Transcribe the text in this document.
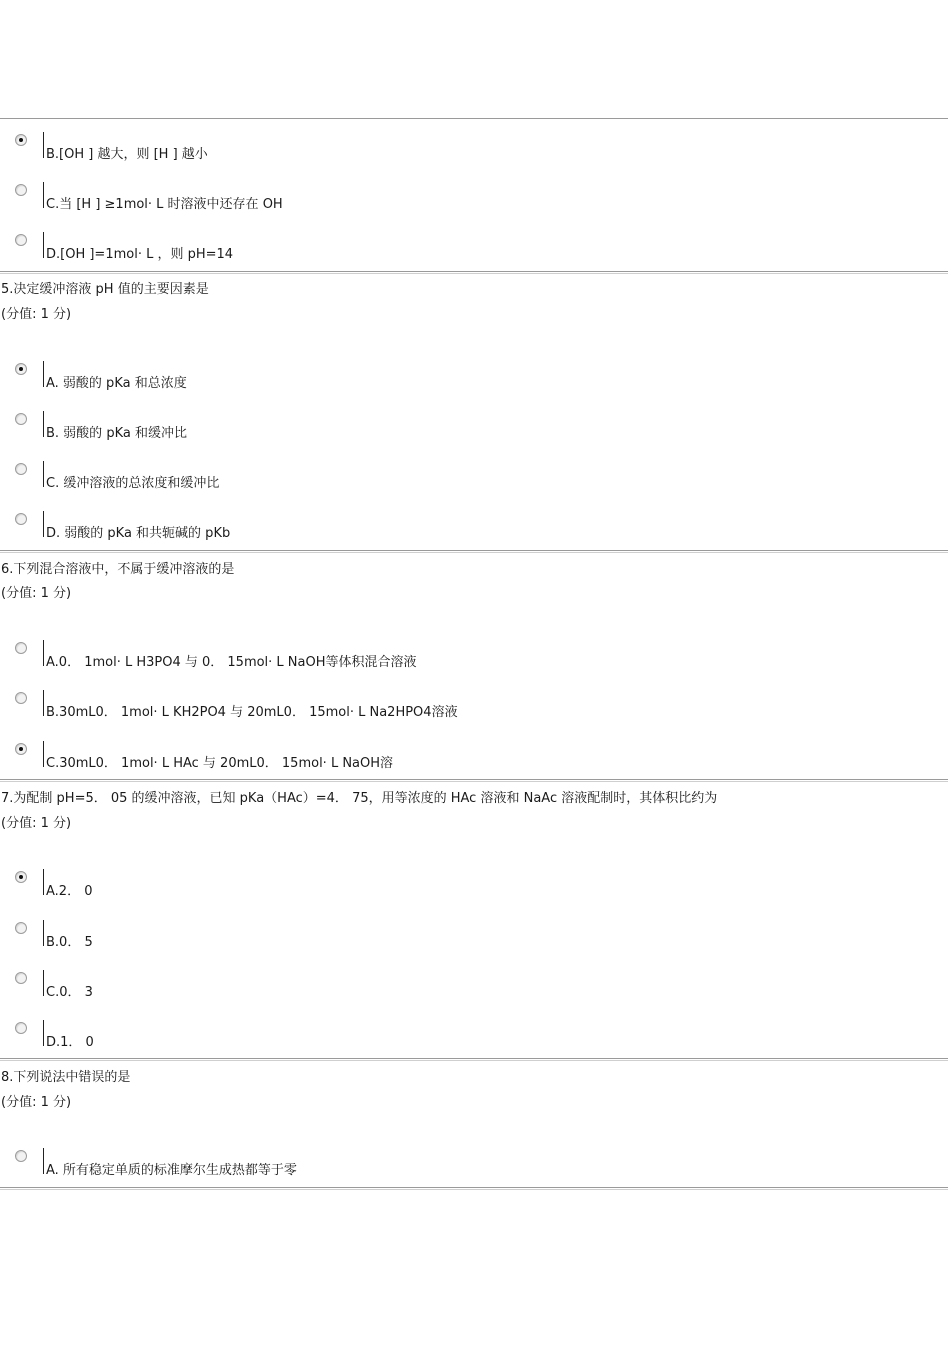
B.[OH ] 越大，则 [H ] 越小
C.当 [H ] ≥1mol· L 时溶液中还存在 OH
D.[OH ]=1mol· L ，则 pH=14
5.决定缓冲溶液 pH 值的主要因素是
(分值: 1 分)
A. 弱酸的 pKa 和总浓度
B. 弱酸的 pKa 和缓冲比
C. 缓冲溶液的总浓度和缓冲比
D. 弱酸的 pKa 和共轭碱的 pKb
6.下列混合溶液中，不属于缓冲溶液的是
(分值: 1 分)
A.0． 1mol· L H3PO4 与 0． 15mol· L NaOH等体积混合溶液
B.30mL0． 1mol· L KH2PO4 与 20mL0． 15mol· L Na2HPO4溶液
C.30mL0． 1mol· L HAc 与 20mL0． 15mol· L NaOH溶
7.为配制 pH=5． 05 的缓冲溶液，已知 pKa（HAc）=4． 75，用等浓度的 HAc 溶液和 NaAc 溶液配制时，其体积比约为
(分值: 1 分)
A.2． 0
B.0． 5
C.0． 3
D.1． 0
8.下列说法中错误的是
(分值: 1 分)
A. 所有稳定单质的标准摩尔生成热都等于零
